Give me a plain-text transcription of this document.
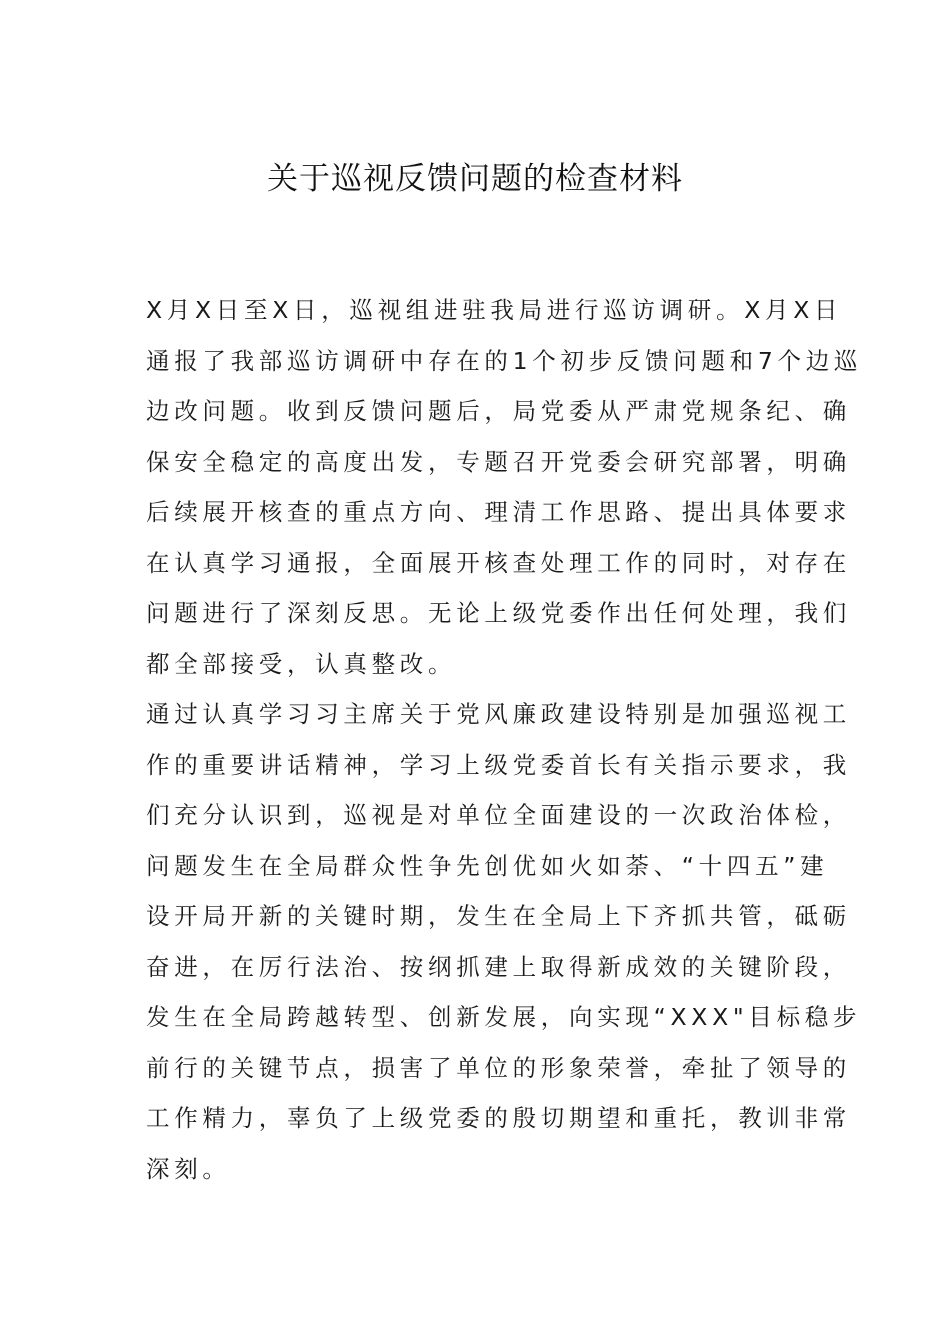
关于巡视反馈问题的检查材料
X月X日至X日，巡视组进驻我局进行巡访调研。X月X日
通报了我部巡访调研中存在的1个初步反馈问题和7个边巡
边改问题。收到反馈问题后，局党委从严肃党规条纪、确
保安全稳定的高度出发，专题召开党委会研究部署，明确
后续展开核查的重点方向、理清工作思路、提出具体要求
在认真学习通报，全面展开核查处理工作的同时，对存在
问题进行了深刻反思。无论上级党委作出任何处理，我们
都全部接受，认真整改。
通过认真学习习主席关于党风廉政建设特别是加强巡视工
作的重要讲话精神，学习上级党委首长有关指示要求，我
们充分认识到，巡视是对单位全面建设的一次政治体检，
问题发生在全局群众性争先创优如火如荼、“十四五”建
设开局开新的关键时期，发生在全局上下齐抓共管，砥砺
奋进，在厉行法治、按纲抓建上取得新成效的关键阶段，
发生在全局跨越转型、创新发展，向实现“XXX"目标稳步
前行的关键节点，损害了单位的形象荣誉，牵扯了领导的
工作精力，辜负了上级党委的殷切期望和重托，教训非常
深刻。
